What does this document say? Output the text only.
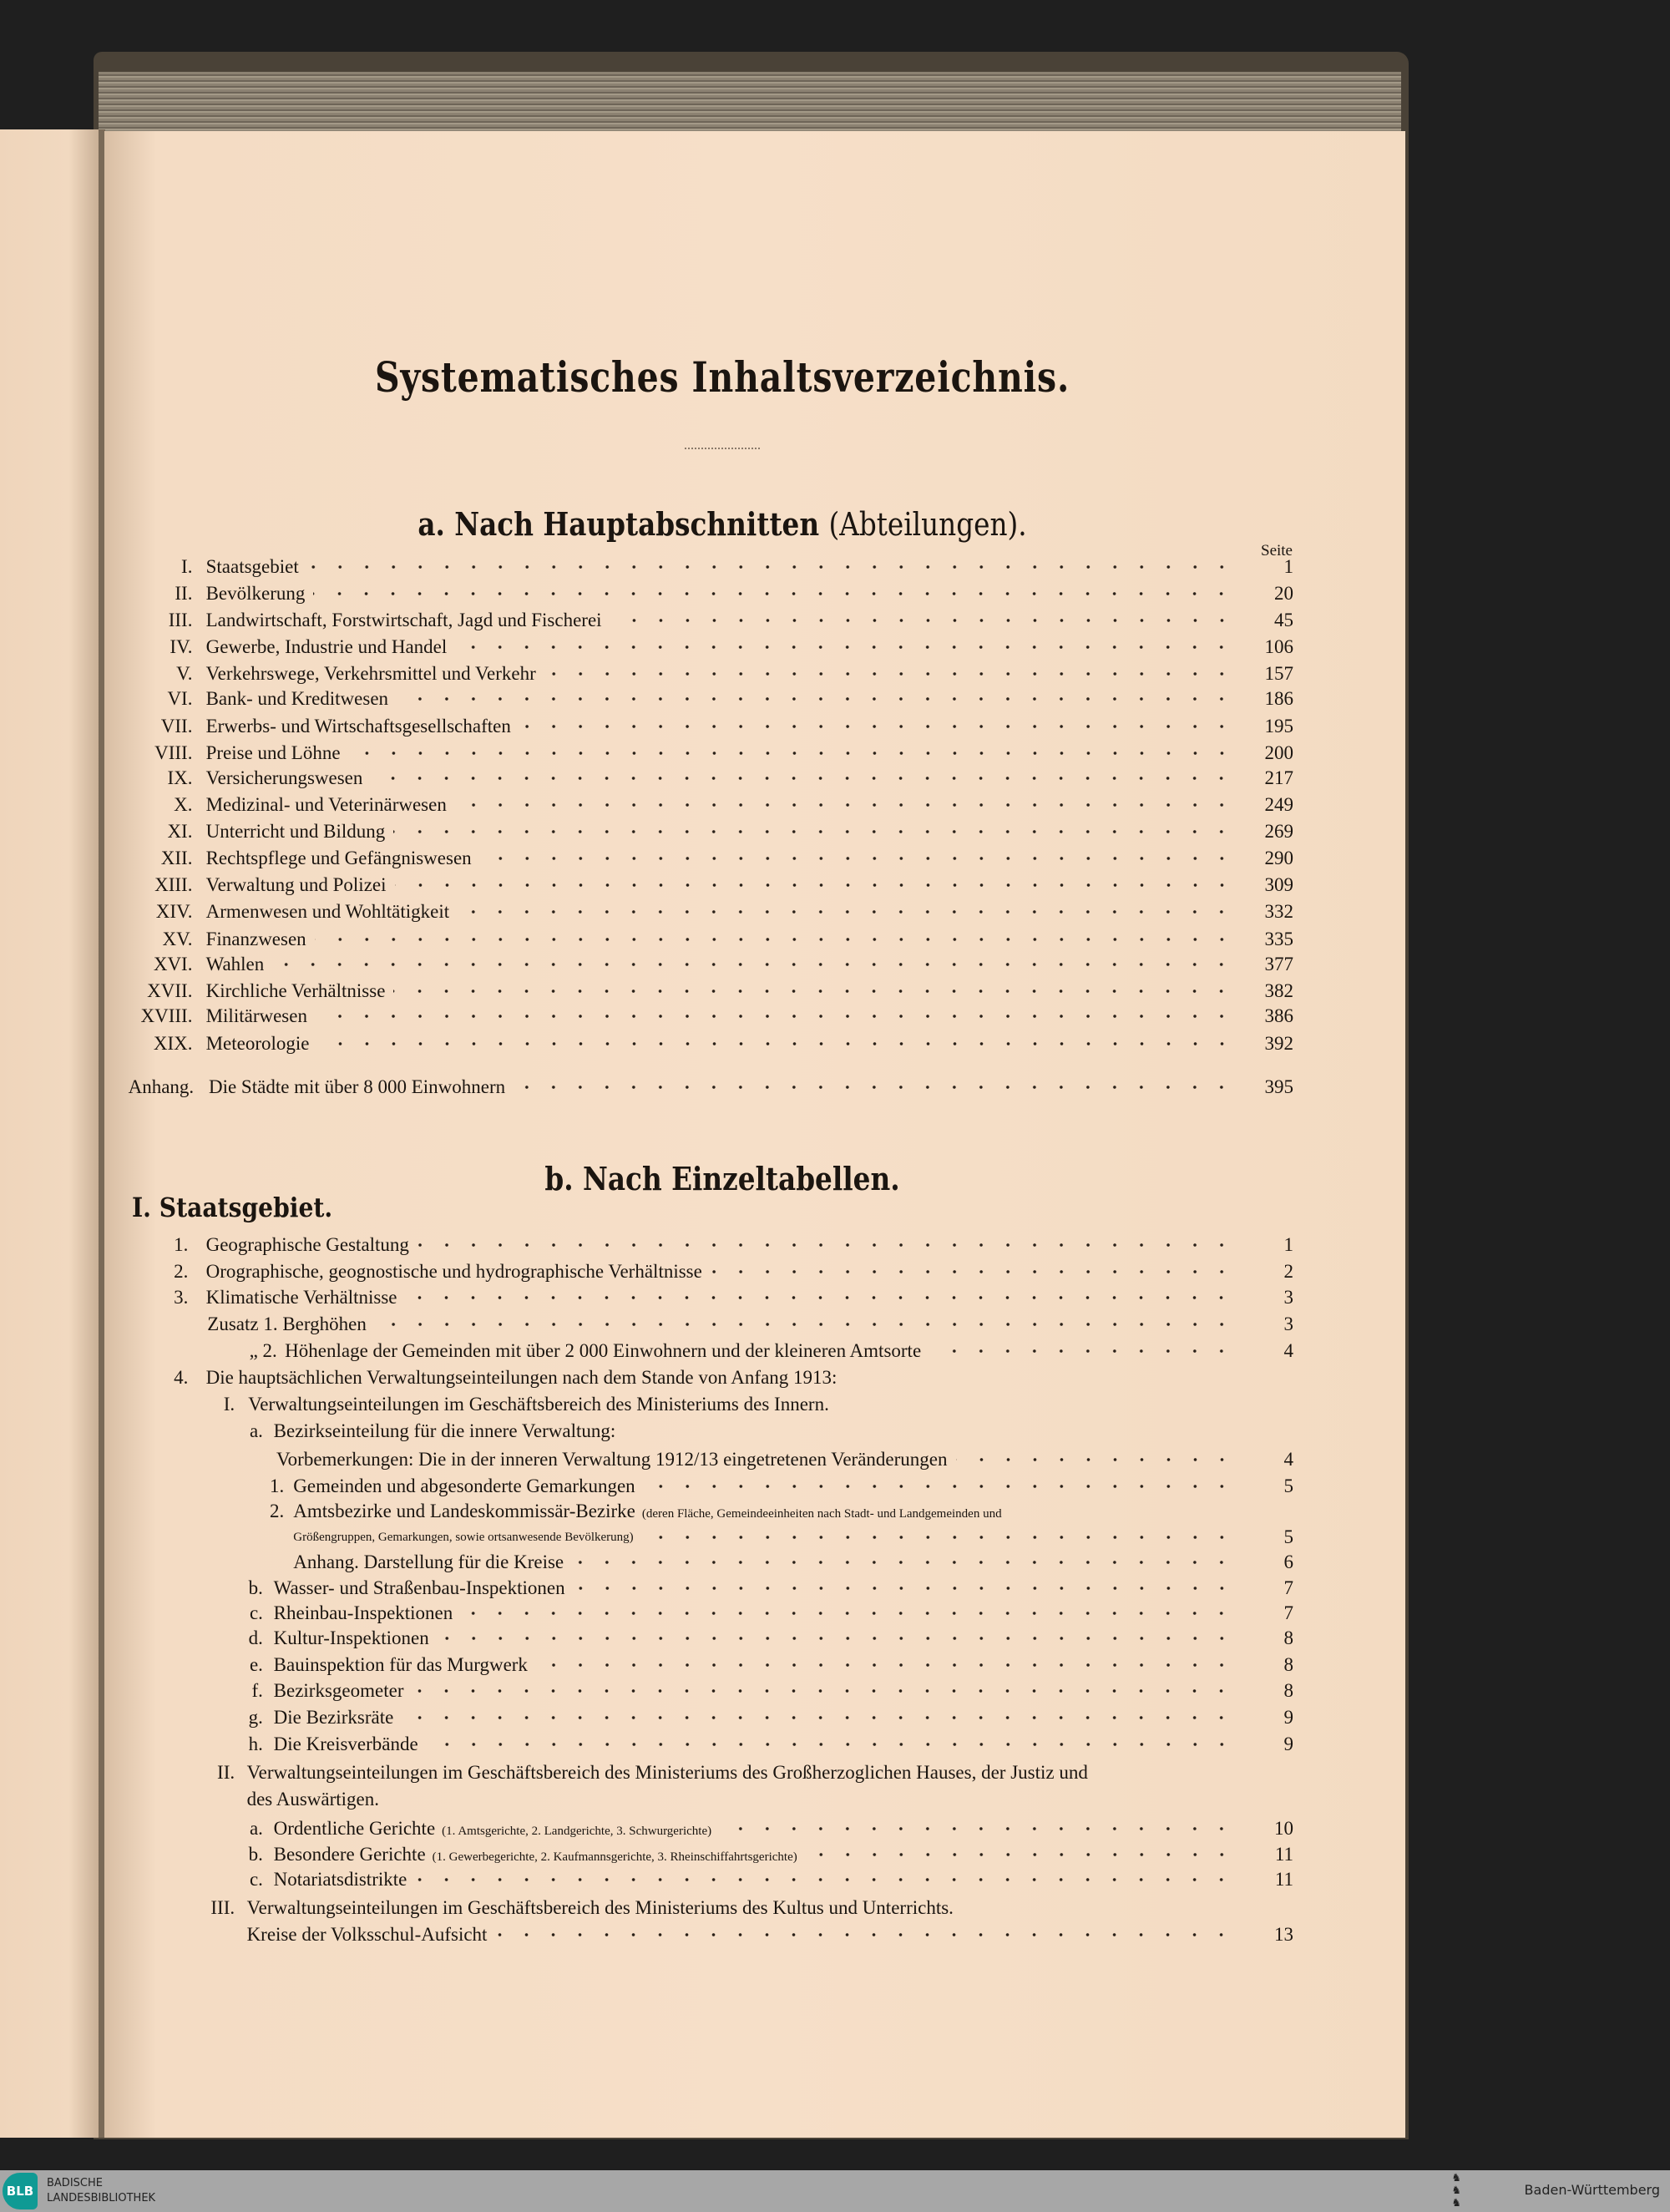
Systematisches Inhaltsverzeichnis.
a. Nach Hauptabschnitten (Abteilungen).
Seite
I. Staatsgebiet	1
II. Bevölkerung	20
III. Landwirtschaft, Forstwirtschaft, Jagd und Fischerei	45
IV. Gewerbe, Industrie und Handel	106
V. Verkehrswege, Verkehrsmittel und Verkehr	157
VI. Bank- und Kreditwesen	186
VII. Erwerbs- und Wirtschaftsgesellschaften	195
VIII. Preise und Löhne	200
IX. Versicherungswesen	217
X. Medizinal- und Veterinärwesen	249
XI. Unterricht und Bildung	269
XII. Rechtspflege und Gefängniswesen	290
XIII. Verwaltung und Polizei	309
XIV. Armenwesen und Wohltätigkeit	332
XV. Finanzwesen	335
XVI. Wahlen	377
XVII. Kirchliche Verhältnisse	382
XVIII. Militärwesen	386
XIX. Meteorologie	392
Anhang. Die Städte mit über 8 000 Einwohnern	395
b. Nach Einzeltabellen.
I. Staatsgebiet.
1. Geographische Gestaltung	1
2. Orographische, geognostische und hydrographische Verhältnisse	2
3. Klimatische Verhältnisse	3
Zusatz 1. Berghöhen	3
„ 2. Höhenlage der Gemeinden mit über 2 000 Einwohnern und der kleineren Amtsorte	4
4. Die hauptsächlichen Verwaltungseinteilungen nach dem Stande von Anfang 1913:
I. Verwaltungseinteilungen im Geschäftsbereich des Ministeriums des Innern.
a. Bezirkseinteilung für die innere Verwaltung:
Vorbemerkungen: Die in der inneren Verwaltung 1912/13 eingetretenen Veränderungen	4
1. Gemeinden und abgesonderte Gemarkungen	5
2. Amtsbezirke und Landeskommissär-Bezirke (deren Fläche, Gemeindeeinheiten nach Stadt- und Landgemeinden und
Größengruppen, Gemarkungen, sowie ortsanwesende Bevölkerung)	5
Anhang. Darstellung für die Kreise	6
b. Wasser- und Straßenbau-Inspektionen	7
c. Rheinbau-Inspektionen	7
d. Kultur-Inspektionen	8
e. Bauinspektion für das Murgwerk	8
f. Bezirksgeometer	8
g. Die Bezirksräte	9
h. Die Kreisverbände	9
II. Verwaltungseinteilungen im Geschäftsbereich des Ministeriums des Großherzoglichen Hauses, der Justiz und
des Auswärtigen.
a. Ordentliche Gerichte (1. Amtsgerichte, 2. Landgerichte, 3. Schwurgerichte)	10
b. Besondere Gerichte (1. Gewerbegerichte, 2. Kaufmannsgerichte, 3. Rheinschiffahrtsgerichte)	11
c. Notariatsdistrikte	11
III. Verwaltungseinteilungen im Geschäftsbereich des Ministeriums des Kultus und Unterrichts.
Kreise der Volksschul-Aufsicht	13
BLB
BADISCHE
LANDESBIBLIOTHEK
♞
♞
♞
Baden-Württemberg
